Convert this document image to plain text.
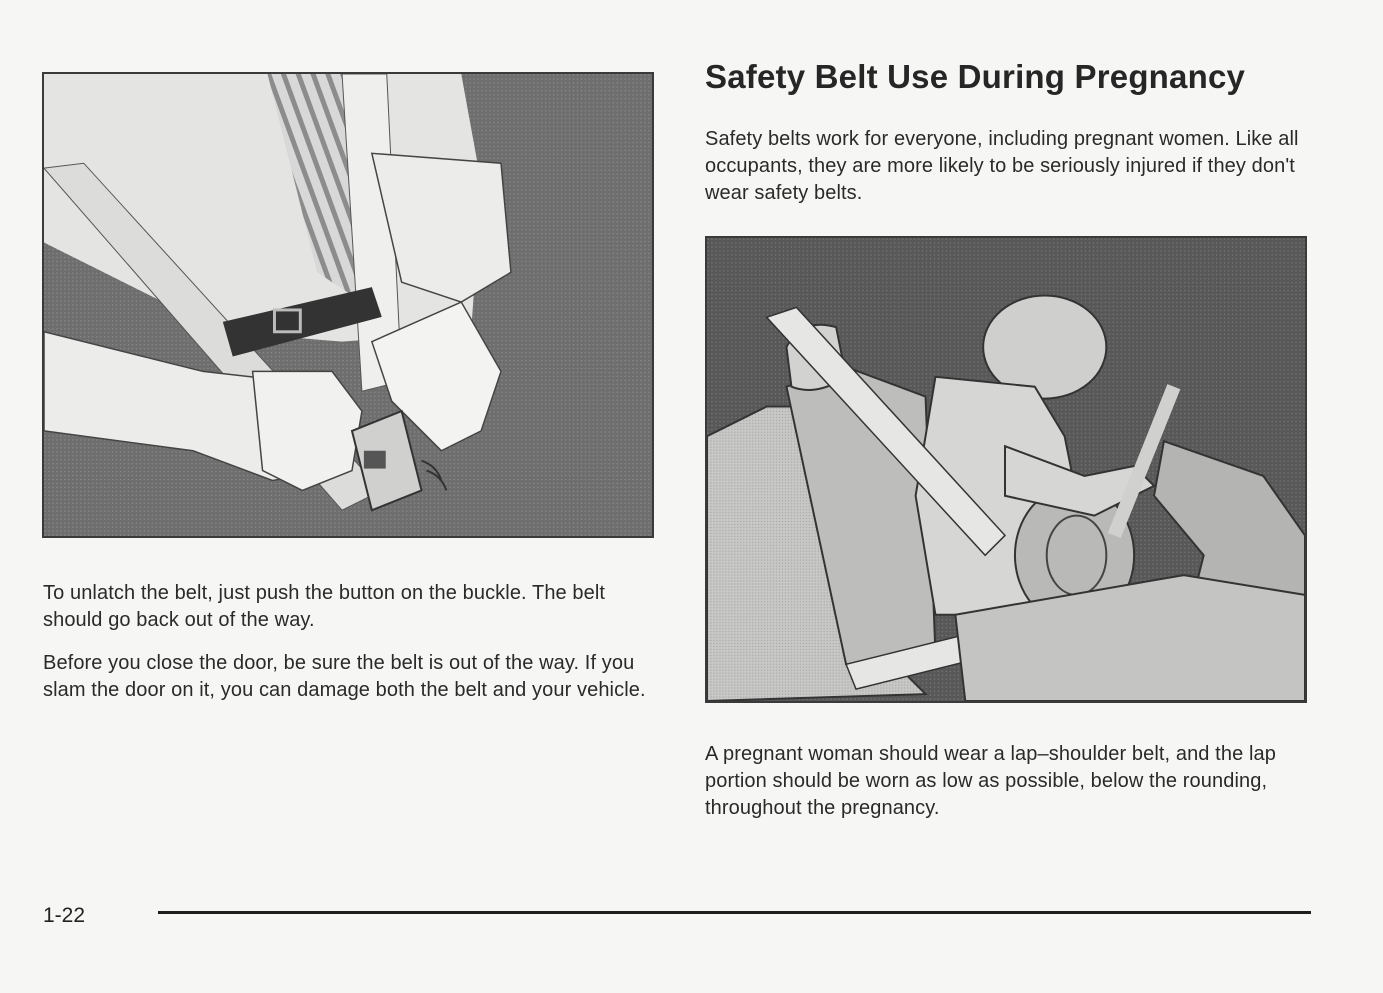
To unlatch the belt, just push the button on the buckle. The belt should go back out of the way.

Before you close the door, be sure the belt is out of the way. If you slam the door on it, you can damage both the belt and your vehicle.

Safety Belt Use During Pregnancy

Safety belts work for everyone, including pregnant women. Like all occupants, they are more likely to be seriously injured if they don't wear safety belts.

A pregnant woman should wear a lap–shoulder belt, and the lap portion should be worn as low as possible, below the rounding, throughout the pregnancy.

1-22
